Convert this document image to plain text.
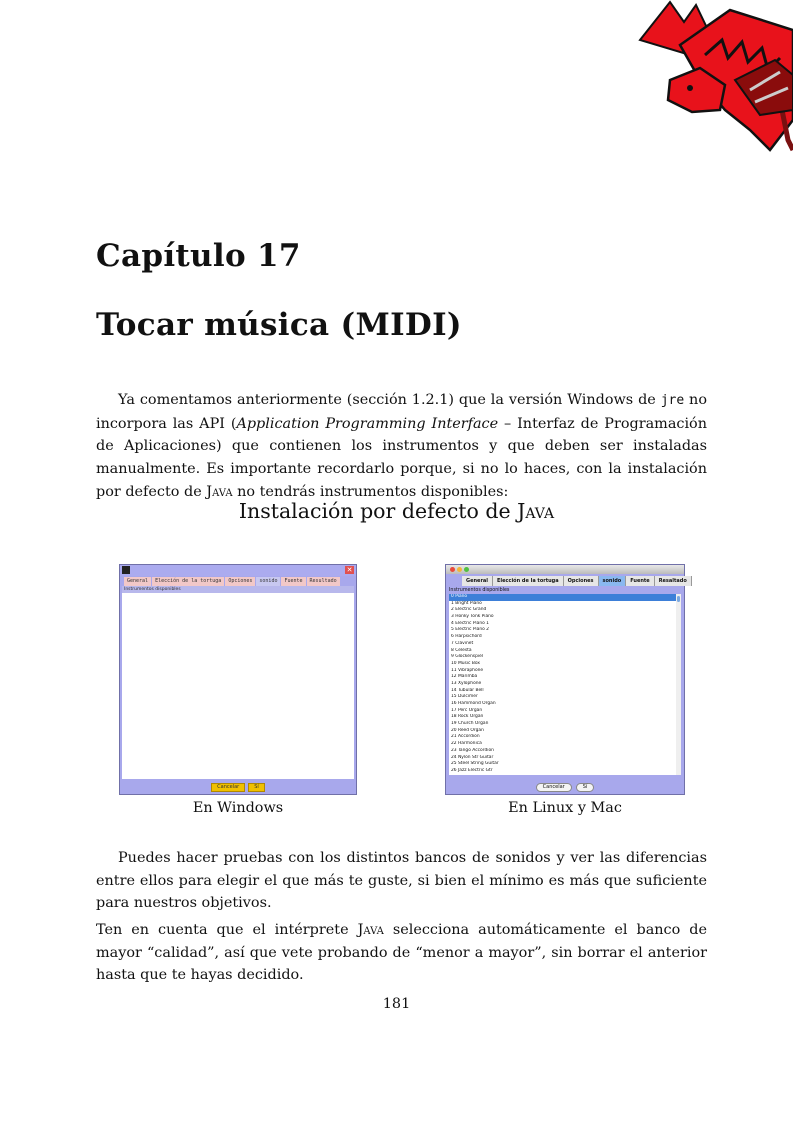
Capítulo 17
Tocar música (MIDI)

Ya comentamos anteriormente (sección 1.2.1) que la versión Windows de jre no incorpora las API (Application Programming Interface – Interfaz de Programación de Aplicaciones) que contienen los instrumentos y que deben ser instaladas manualmente. Es importante recordarlo porque, si no lo haces, con la instalación por defecto de Java no tendrás instrumentos disponibles:

Instalación por defecto de Java
✕
General	Elección de la tortuga	Opciones	sonido	Fuente	Resultado
Instrumentos disponibles
Cancelar	Sí
General	Elección de la tortuga	Opciones	sonido	Fuente	Resaltado
Instrumentos disponibles
0 Piano
1 Bright Piano
2 Electric Grand
3 Honky Tonk Piano
4 Electric Piano 1
5 Electric Piano 2
6 Harpsichord
7 Clavinet
8 Celesta
9 Glockenspiel
10 Music Box
11 Vibraphone
12 Marimba
13 Xylophone
14 Tubular Bell
15 Dulcimer
16 Hammond Organ
17 Perc Organ
18 Rock Organ
19 Church Organ
20 Reed Organ
21 Accordion
22 Harmonica
23 Tango Accordion
24 Nylon Str Guitar
25 Steel String Guitar
26 Jazz Electric Gtr
Cancelar	Sí
En Windows	En Linux y Mac

Puedes hacer pruebas con los distintos bancos de sonidos y ver las diferencias entre ellos para elegir el que más te guste, si bien el mínimo es más que suficiente para nuestros objetivos.

Ten en cuenta que el intérprete Java selecciona automáticamente el banco de mayor “calidad”, así que vete probando de “menor a mayor”, sin borrar el anterior hasta que te hayas decidido.

181
